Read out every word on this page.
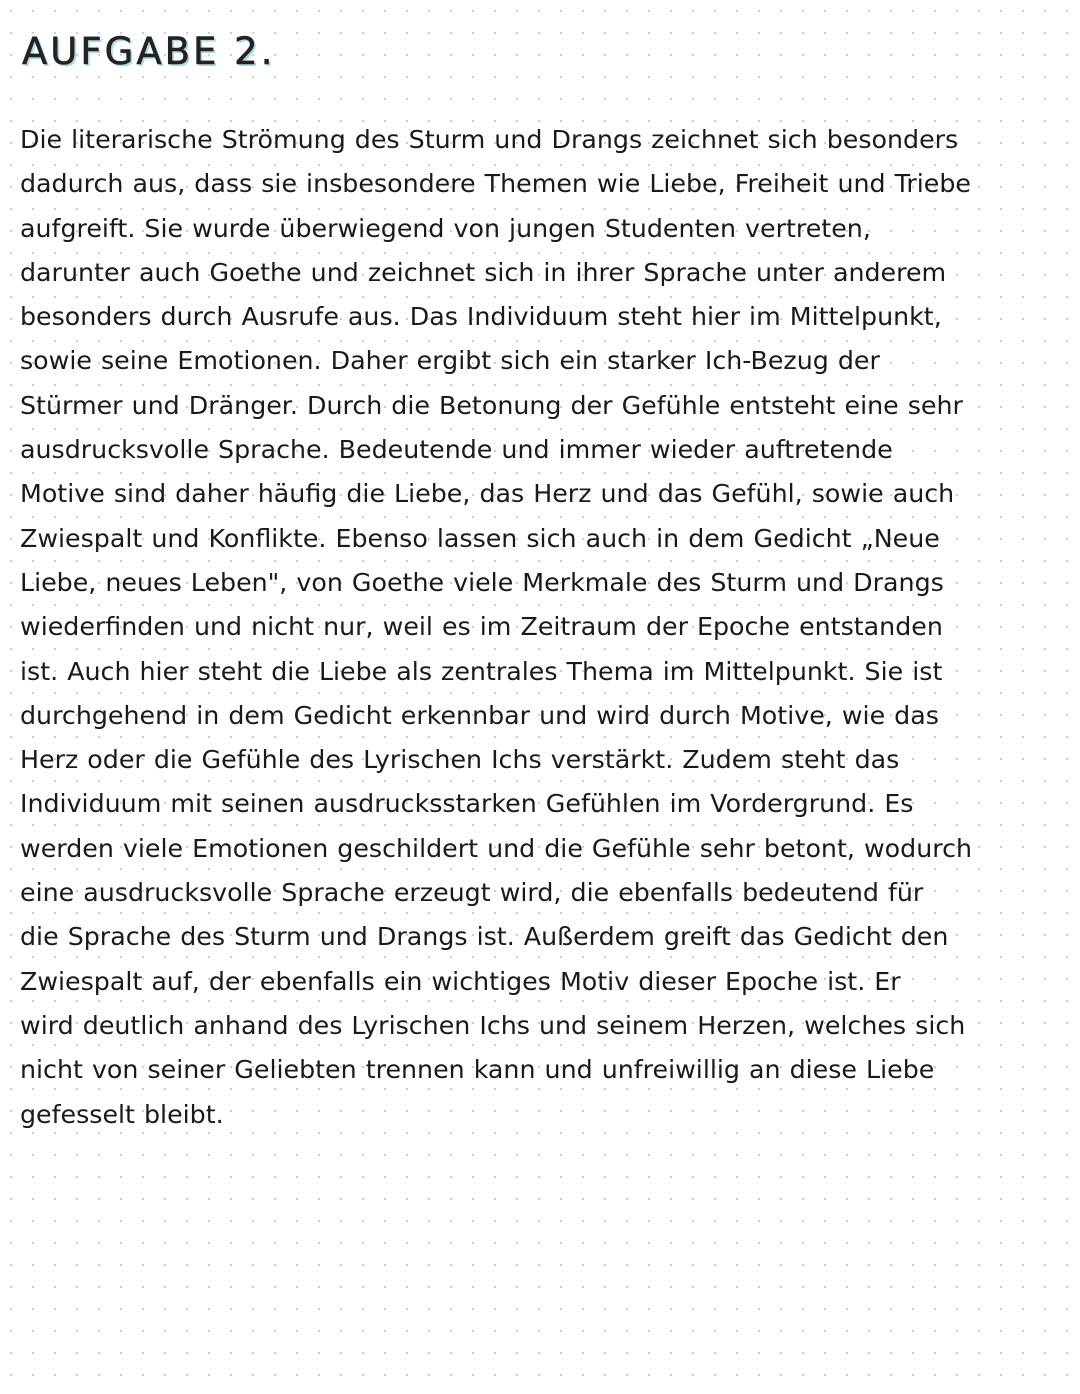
AUFGABE 2.
Die literarische Strömung des Sturm und Drangs zeichnet sich besonders
dadurch aus, dass sie insbesondere Themen wie Liebe, Freiheit und Triebe
aufgreift. Sie wurde überwiegend von jungen Studenten vertreten,
darunter auch Goethe und zeichnet sich in ihrer Sprache unter anderem
besonders durch Ausrufe aus. Das Individuum steht hier im Mittelpunkt,
sowie seine Emotionen. Daher ergibt sich ein starker Ich-Bezug der
Stürmer und Dränger. Durch die Betonung der Gefühle entsteht eine sehr
ausdrucksvolle Sprache. Bedeutende und immer wieder auftretende
Motive sind daher häufig die Liebe, das Herz und das Gefühl, sowie auch
Zwiespalt und Konflikte. Ebenso lassen sich auch in dem Gedicht „Neue
Liebe, neues Leben", von Goethe viele Merkmale des Sturm und Drangs
wiederfinden und nicht nur, weil es im Zeitraum der Epoche entstanden
ist. Auch hier steht die Liebe als zentrales Thema im Mittelpunkt. Sie ist
durchgehend in dem Gedicht erkennbar und wird durch Motive, wie das
Herz oder die Gefühle des Lyrischen Ichs verstärkt. Zudem steht das
Individuum mit seinen ausdrucksstarken Gefühlen im Vordergrund. Es
werden viele Emotionen geschildert und die Gefühle sehr betont, wodurch
eine ausdrucksvolle Sprache erzeugt wird, die ebenfalls bedeutend für
die Sprache des Sturm und Drangs ist. Außerdem greift das Gedicht den
Zwiespalt auf, der ebenfalls ein wichtiges Motiv dieser Epoche ist. Er
wird deutlich anhand des Lyrischen Ichs und seinem Herzen, welches sich
nicht von seiner Geliebten trennen kann und unfreiwillig an diese Liebe
gefesselt bleibt.
